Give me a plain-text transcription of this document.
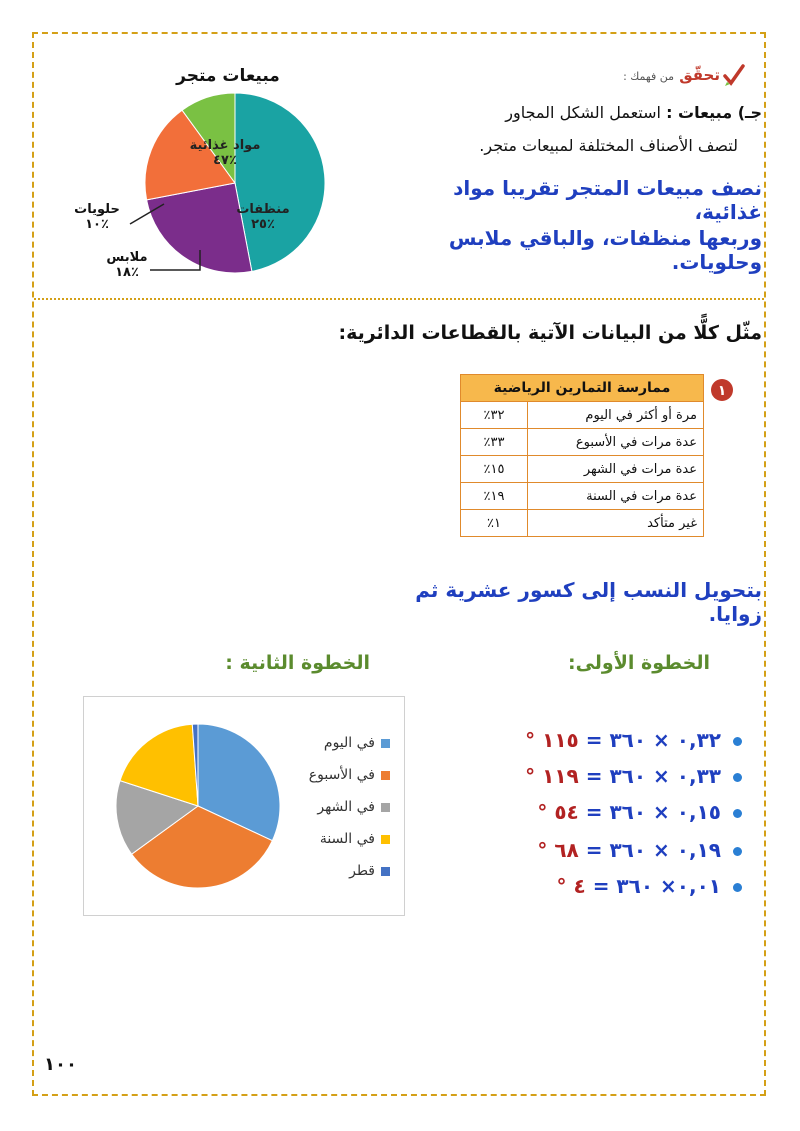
تحقّق من فهمك :
جـ) مبيعات : استعمل الشكل المجاور
لتصف الأصناف المختلفة لمبيعات متجر.
نصف مبيعات المتجر تقريبا مواد غذائية،
وربعها منظفات، والباقي ملابس وحلويات.
مبيعات متجر
مواد غذائية
٤٧٪
منظفات
٢٥٪
ملابس
١٨٪
حلويات
١٠٪
مثّل كلًّا من البيانات الآتية بالقطاعات الدائرية:
١
ممارسة التمارين الرياضية	
مرة أو أكثر في اليوم	٣٢٪
عدة مرات في الأسبوع	٣٣٪
عدة مرات في الشهر	١٥٪
عدة مرات في السنة	١٩٪
غير متأكد	١٪
بتحويل النسب إلى كسور عشرية ثم زوايا.
الخطوة الأولى:
الخطوة الثانية :
٠,٣٢ × ٣٦٠ = ١١٥ °
٠,٣٣ × ٣٦٠ = ١١٩ °
٠,١٥ × ٣٦٠ = ٥٤ °
٠,١٩ × ٣٦٠ = ٦٨ °
٠,٠١× ٣٦٠ = ٤ °
في اليوم
في الأسبوع
في الشهر
في السنة
قطر
١٠٠
